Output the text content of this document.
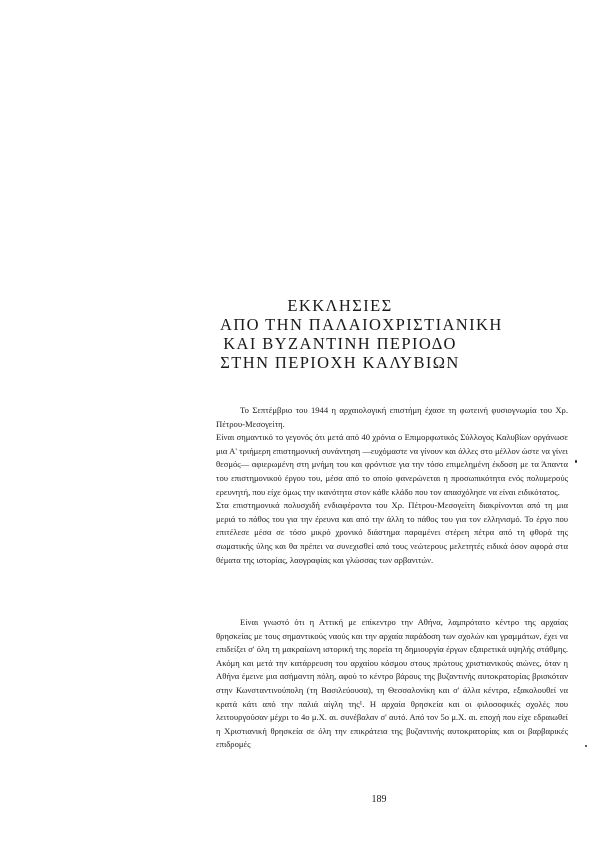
ΕΚΚΛΗΣΙΕΣ
ΑΠΟ ΤΗΝ ΠΑΛΑΙΟΧΡΙΣΤΙΑΝΙΚΗ
ΚΑΙ ΒΥΖΑΝΤΙΝΗ ΠΕΡΙΟΔΟ
ΣΤΗΝ ΠΕΡΙΟΧΗ ΚΑΛΥΒΙΩΝ

Το Σεπτέμβριο του 1944 η αρχαιολογική επιστήμη έχασε τη φωτεινή φυσιογνωμία του Χρ. Πέτρου-Μεσογείτη.

Είναι σημαντικό το γεγονός ότι μετά από 40 χρόνια ο Επιμορφωτικός Σύλλογος Καλυβίων οργάνωσε μια Α' τριήμερη επιστημονική συνάντηση —ευχόμαστε να γίνουν και άλλες στο μέλλον ώστε να γίνει θεσμός— αφιερωμένη στη μνήμη του και φρόντισε για την τόσο επιμελημένη έκδοση με τα Άπαντα του επιστημονικού έργου του, μέσα από το οποίο φανερώνεται η προσωπικότητα ενός πολυμερούς ερευνητή, που είχε όμως την ικανότητα στον κάθε κλάδο που τον απασχόλησε να είναι ειδικότατος.

Στα επιστημονικά πολυσχιδή ενδιαφέροντα του Χρ. Πέτρου-Μεσογείτη διακρίνονται από τη μια μεριά το πάθος του για την έρευνα και από την άλλη το πάθος του για τον ελληνισμό. Το έργο που επιτέλεσε μέσα σε τόσο μικρό χρονικό διάστημα παραμένει στέρεη πέτρα από τη φθορά της σωματικής ύλης και θα πρέπει να συνεχισθεί από τους νεώτερους μελετητές ειδικά όσον αφορά στα θέματα της ιστορίας, λαογραφίας και γλώσσας των αρβανιτών.

Είναι γνωστό ότι η Αττική με επίκεντρο την Αθήνα, λαμπρότατο κέντρο της αρχαίας θρησκείας με τους σημαντικούς ναούς και την αρχαία παράδοση των σχολών και γραμμάτων, έχει να επιδείξει σ' όλη τη μακραίωνη ιστορική της πορεία τη δημιουργία έργων εξαιρετικά υψηλής στάθμης. Ακόμη και μετά την κατάρρευση του αρχαίου κόσμου στους πρώτους χριστιανικούς αιώνες, όταν η Αθήνα έμεινε μια ασήμαντη πόλη, αφού το κέντρο βάρους της βυζαντινής αυτοκρατορίας βρισκόταν στην Κωνσταντινούπολη (τη Βασιλεύουσα), τη Θεσσαλονίκη και σ' άλλα κέντρα, εξακολουθεί να κρατά κάτι από την παλιά αίγλη της¹. Η αρχαία θρησκεία και οι φιλοσοφικές σχολές που λειτουργούσαν μέχρι το 4ο μ.Χ. αι. συνέβαλαν σ' αυτό. Από τον 5ο μ.Χ. αι. εποχή που είχε εδραιωθεί η Χριστιανική θρησκεία σε όλη την επικράτεια της βυζαντινής αυτοκρατορίας και οι βαρβαρικές επιδρομές

189
